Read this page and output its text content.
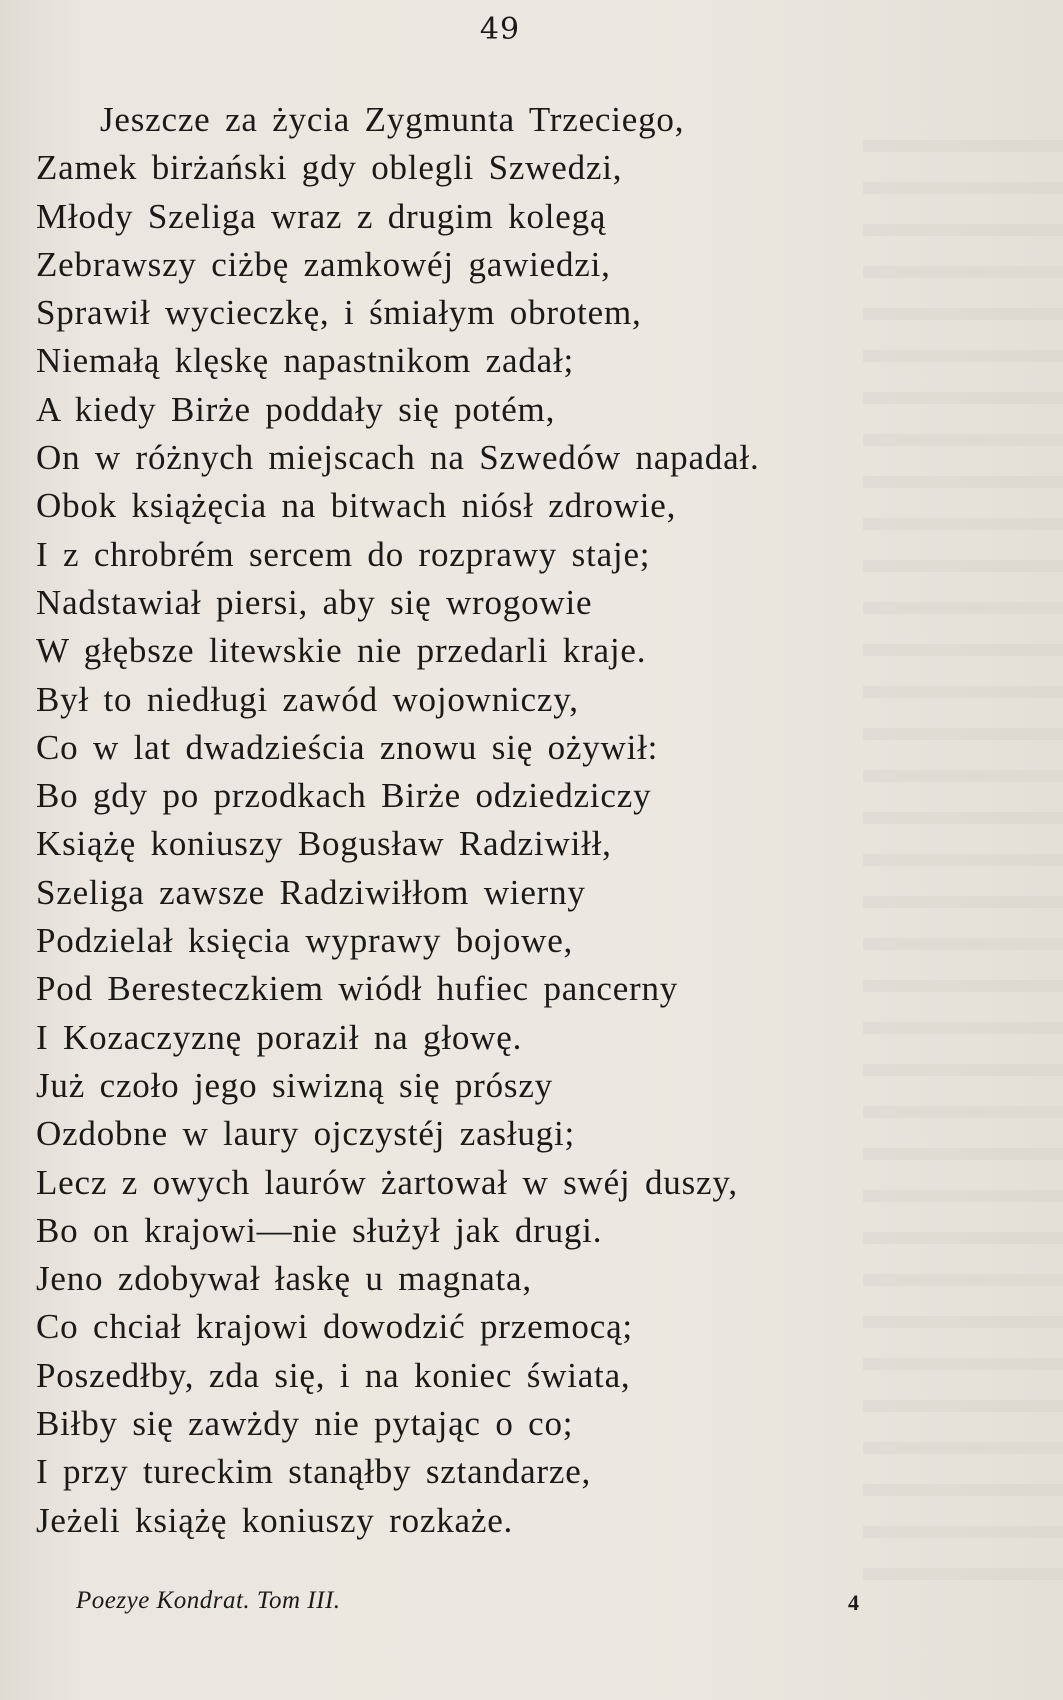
49
Jeszcze za życia Zygmunta Trzeciego,
Zamek birżański gdy oblegli Szwedzi,
Młody Szeliga wraz z drugim kolegą
Zebrawszy ciżbę zamkowéj gawiedzi,
Sprawił wycieczkę, i śmiałym obrotem,
Niemałą klęskę napastnikom zadał;
A kiedy Birże poddały się potém,
On w różnych miejscach na Szwedów napadał.
Obok książęcia na bitwach niósł zdrowie,
I z chrobrém sercem do rozprawy staje;
Nadstawiał piersi, aby się wrogowie
W głębsze litewskie nie przedarli kraje.
Był to niedługi zawód wojowniczy,
Co w lat dwadzieścia znowu się ożywił:
Bo gdy po przodkach Birże odziedziczy
Książę koniuszy Bogusław Radziwiłł,
Szeliga zawsze Radziwiłłom wierny
Podzielał księcia wyprawy bojowe,
Pod Beresteczkiem wiódł hufiec pancerny
I Kozaczyznę poraził na głowę.
Już czoło jego siwizną się prószy
Ozdobne w laury ojczystéj zasługi;
Lecz z owych laurów żartował w swéj duszy,
Bo on krajowi—nie służył jak drugi.
Jeno zdobywał łaskę u magnata,
Co chciał krajowi dowodzić przemocą;
Poszedłby, zda się, i na koniec świata,
Biłby się zawżdy nie pytając o co;
I przy tureckim stanąłby sztandarze,
Jeżeli książę koniuszy rozkaże.
Poezye Kondrat. Tom III.	4
